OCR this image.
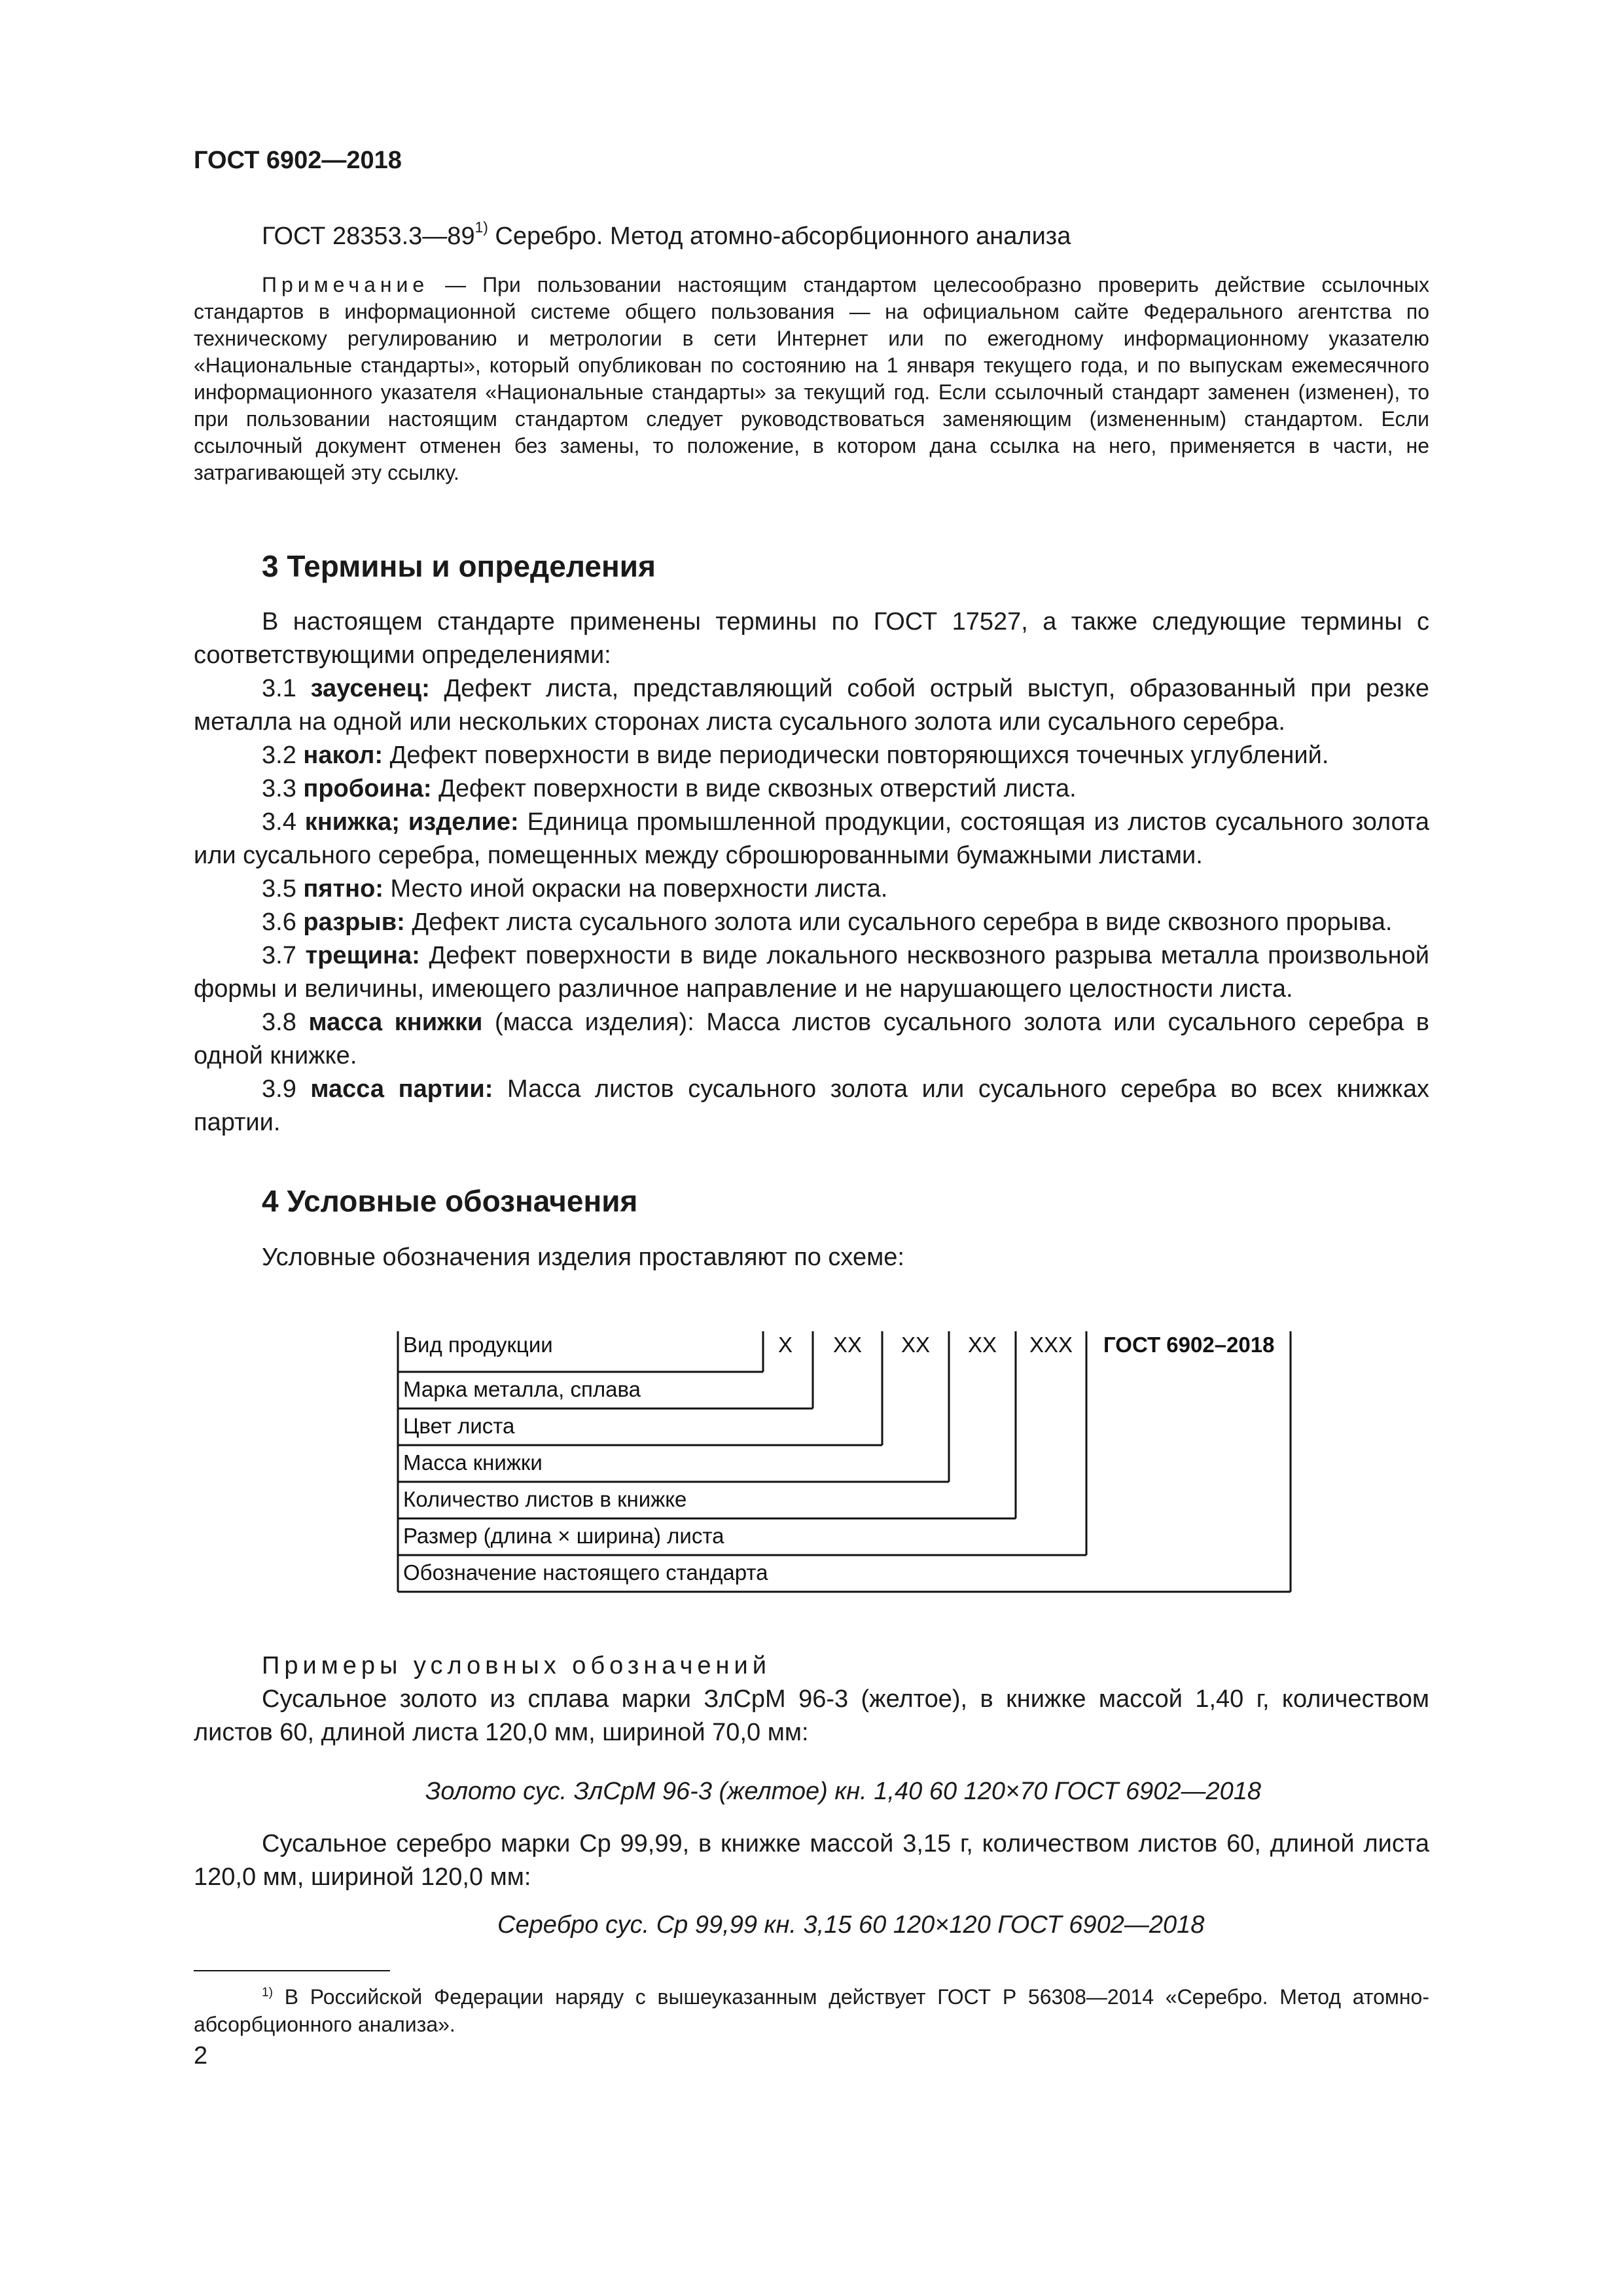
ГОСТ 6902—2018
ГОСТ 28353.3—89$^{1)}$ Серебро. Метод атомно-абсорбционного анализа
Примечание — При пользовании настоящим стандартом целесообразно проверить действие ссылочных стандартов в информационной системе общего пользования — на официальном сайте Федерального агентства по техническому регулированию и метрологии в сети Интернет или по ежегодному информационному указателю «Национальные стандарты», который опубликован по состоянию на 1 января текущего года, и по выпускам ежемесячного информационного указателя «Национальные стандарты» за текущий год. Если ссылочный стандарт заменен (изменен), то при пользовании настоящим стандартом следует руководствоваться заменяющим (измененным) стандартом. Если ссылочный документ отменен без замены, то положение, в котором дана ссылка на него, применяется в части, не затрагивающей эту ссылку.
3 Термины и определения
В настоящем стандарте применены термины по ГОСТ 17527, а также следующие термины с соответствующими определениями:
3.1 заусенец: Дефект листа, представляющий собой острый выступ, образованный при резке металла на одной или нескольких сторонах листа сусального золота или сусального серебра.
3.2 накол: Дефект поверхности в виде периодически повторяющихся точечных углублений.
3.3 пробоина: Дефект поверхности в виде сквозных отверстий листа.
3.4 книжка; изделие: Единица промышленной продукции, состоящая из листов сусального золота или сусального серебра, помещенных между сброшюрованными бумажными листами.
3.5 пятно: Место иной окраски на поверхности листа.
3.6 разрыв: Дефект листа сусального золота или сусального серебра в виде сквозного прорыва.
3.7 трещина: Дефект поверхности в виде локального несквозного разрыва металла произвольной формы и величины, имеющего различное направление и не нарушающего целостности листа.
3.8 масса книжки (масса изделия): Масса листов сусального золота или сусального серебра в одной книжке.
3.9 масса партии: Масса листов сусального золота или сусального серебра во всех книжках партии.
4 Условные обозначения
Условные обозначения изделия проставляют по схеме:
X XX XX XX XXX ГОСТ 6902–2018
Вид продукции
Марка металла, сплава
Цвет листа
Масса книжки
Количество листов в книжке
Размер (длина × ширина) листа
Обозначение настоящего стандарта
Примеры условных обозначений
Сусальное золото из сплава марки ЗлСрМ 96-3 (желтое), в книжке массой 1,40 г, количеством листов 60, длиной листа 120,0 мм, шириной 70,0 мм:
Золото сус. ЗлСрМ 96-3 (желтое) кн. 1,40 60 120×70 ГОСТ 6902—2018
Сусальное серебро марки Ср 99,99, в книжке массой 3,15 г, количеством листов 60, длиной листа 120,0 мм, шириной 120,0 мм:
Серебро сус. Ср 99,99 кн. 3,15 60 120×120 ГОСТ 6902—2018
$^{1)}$ В Российской Федерации наряду с вышеуказанным действует ГОСТ Р 56308—2014 «Серебро. Метод атомно-абсорбционного анализа».
2
